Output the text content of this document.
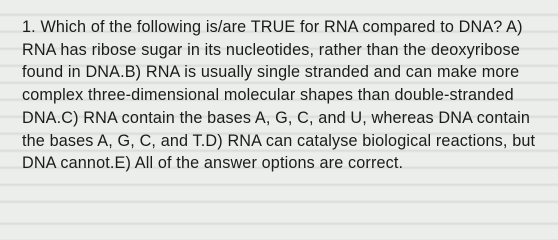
1. Which of the following is/are TRUE for RNA compared to DNA? A) RNA has ribose sugar in its nucleotides, rather than the deoxyribose found in DNA.B) RNA is usually single stranded and can make more complex three-dimensional molecular shapes than double-stranded DNA.C) RNA contain the bases A, G, C, and U, whereas DNA contain the bases A, G, C, and T.D) RNA can catalyse biological reactions, but DNA cannot.E) All of the answer options are correct.
